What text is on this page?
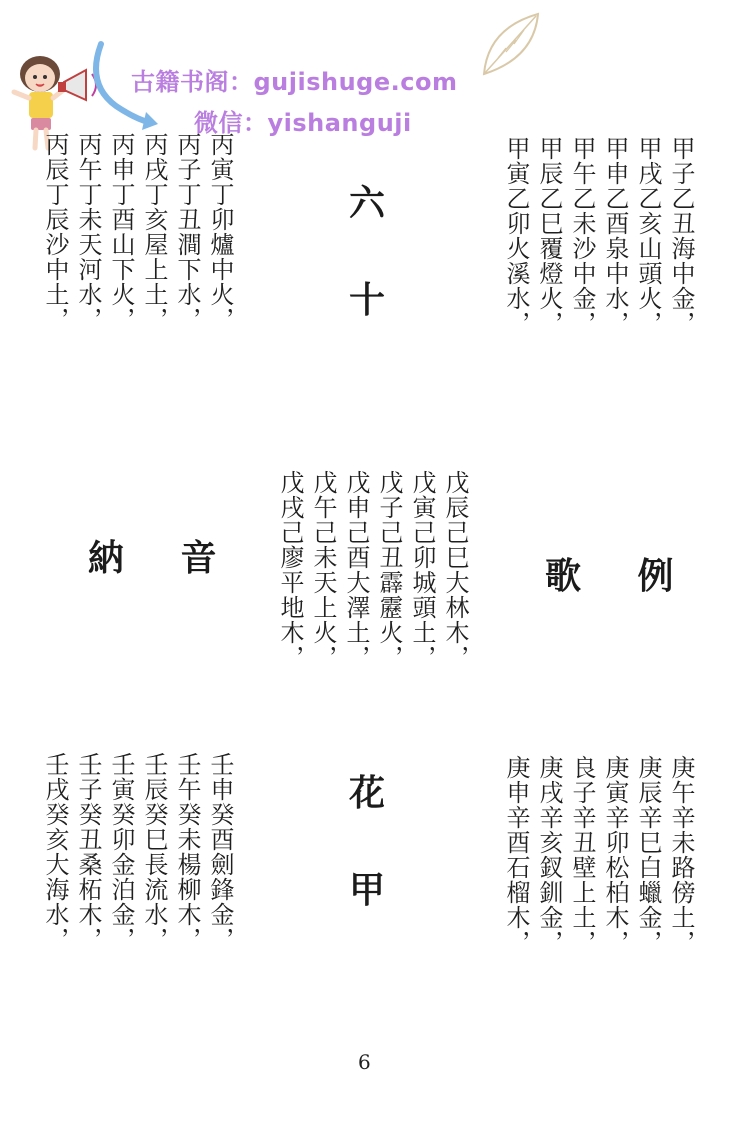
古籍书阁：gujishuge.com
微信：yishanguji
六
十
花
甲
納 音	歌 例
甲子乙丑海中金，
甲戌乙亥山頭火，
甲申乙酉泉中水，
甲午乙未沙中金，
甲辰乙巳覆燈火，
甲寅乙卯火溪水，
丙寅丁卯爐中火，
丙子丁丑澗下水，
丙戌丁亥屋上土，
丙申丁酉山下火，
丙午丁未天河水，
丙辰丁辰沙中土，
戊辰己巳大林木，
戊寅己卯城頭土，
戊子己丑霹靂火，
戊申己酉大澤土，
戊午己未天上火，
戊戌己廖平地木，
庚午辛未路傍土，
庚辰辛巳白蠟金，
庚寅辛卯松柏木，
良子辛丑壁上土，
庚戌辛亥釵釧金，
庚申辛酉石榴木，
壬申癸酉劍鋒金，
壬午癸未楊柳木，
壬辰癸巳長流水，
壬寅癸卯金泊金，
壬子癸丑桑柘木，
壬戌癸亥大海水，
6
